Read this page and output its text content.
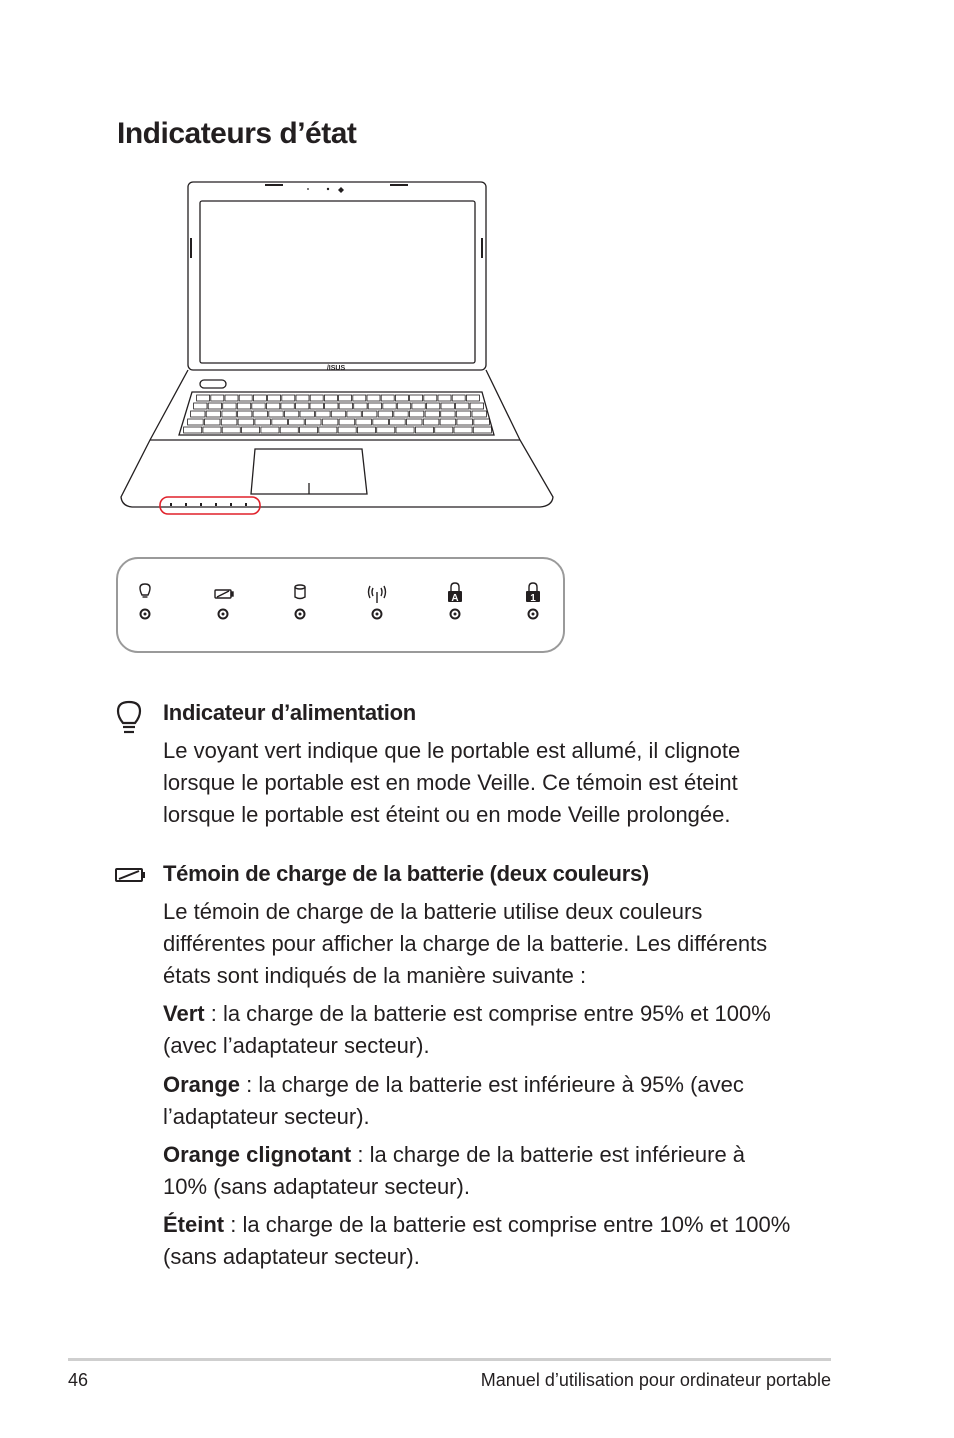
Indicateurs d’état
/ISUS
A	1
Indicateur d’alimentation

Le voyant vert indique que le portable est allumé, il clignote

lorsque le portable est en mode Veille. Ce témoin est éteint

lorsque le portable est éteint ou en mode Veille prolongée.

Témoin de charge de la batterie (deux couleurs)

Le témoin de charge de la batterie utilise deux couleurs

différentes pour afficher la charge de la batterie. Les différents

états sont indiqués de la manière suivante :

Vert : la charge de la batterie est comprise entre 95% et 100%

(avec l’adaptateur secteur).

Orange : la charge de la batterie est inférieure à 95% (avec

l’adaptateur secteur).

Orange clignotant : la charge de la batterie est inférieure à

10% (sans adaptateur secteur).

Éteint : la charge de la batterie est comprise entre 10% et 100%

(sans adaptateur secteur).

46	Manuel d’utilisation pour ordinateur portable
